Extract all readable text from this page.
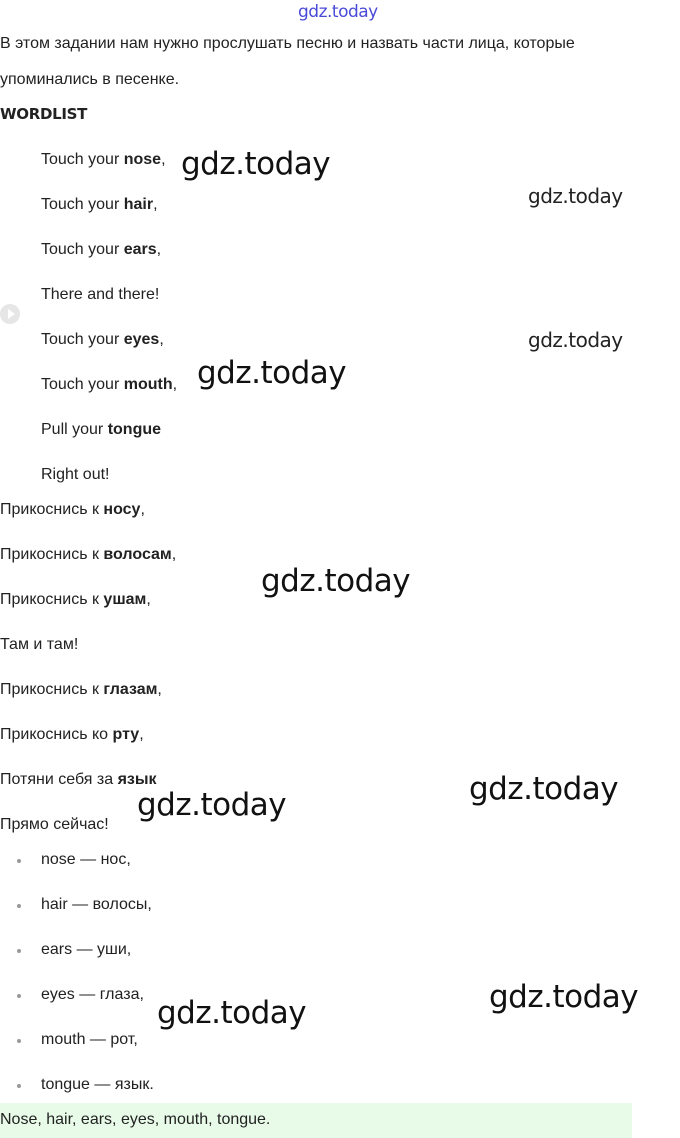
gdz.today
В этом задании нам нужно прослушать песню и назвать части лица, которые
упоминались в песенке.
WORDLIST
Touch your nose,
Touch your hair,
Touch your ears,
There and there!
Touch your eyes,
Touch your mouth,
Pull your tongue
Right out!
Прикоснись к носу,
Прикоснись к волосам,
Прикоснись к ушам,
Там и там!
Прикоснись к глазам,
Прикоснись ко рту,
Потяни себя за язык
Прямо сейчас!
nose — нос,
hair — волосы,
ears — уши,
eyes — глаза,
mouth — рот,
tongue — язык.
Nose, hair, ears, eyes, mouth, tongue.
gdz.today
gdz.today
gdz.today
gdz.today
gdz.today
gdz.today
gdz.today
gdz.today
gdz.today
